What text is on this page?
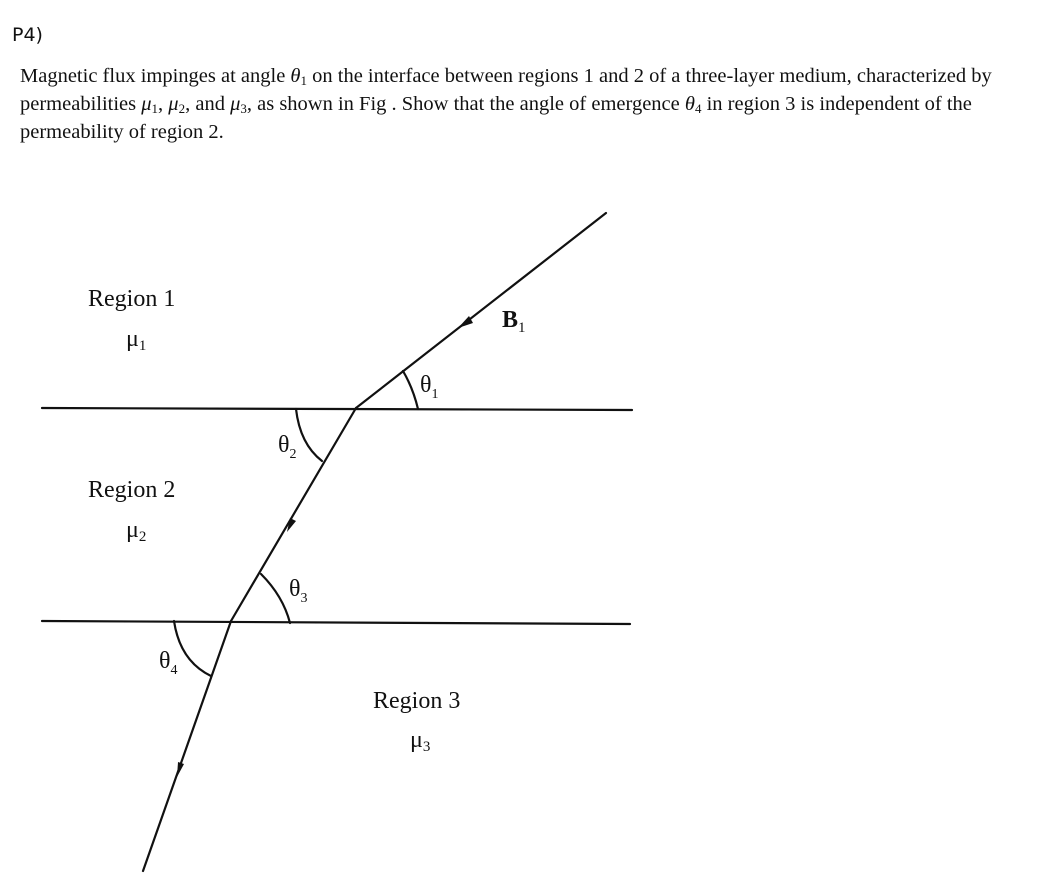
P4)
Magnetic flux impinges at angle $\theta_1$ on the interface between regions 1 and 2 of a three-layer medium, characterized by permeabilities $\mu_1$, $\mu_2$, and $\mu_3$, as shown in Fig . Show that the angle of emergence $\theta_4$ in region 3 is independent of the permeability of region 2.
Region 1
μ1
Region 2
μ2
Region 3
μ3
$B_1$
$\theta_1$
$\theta_2$
$\theta_3$
$\theta_4$
